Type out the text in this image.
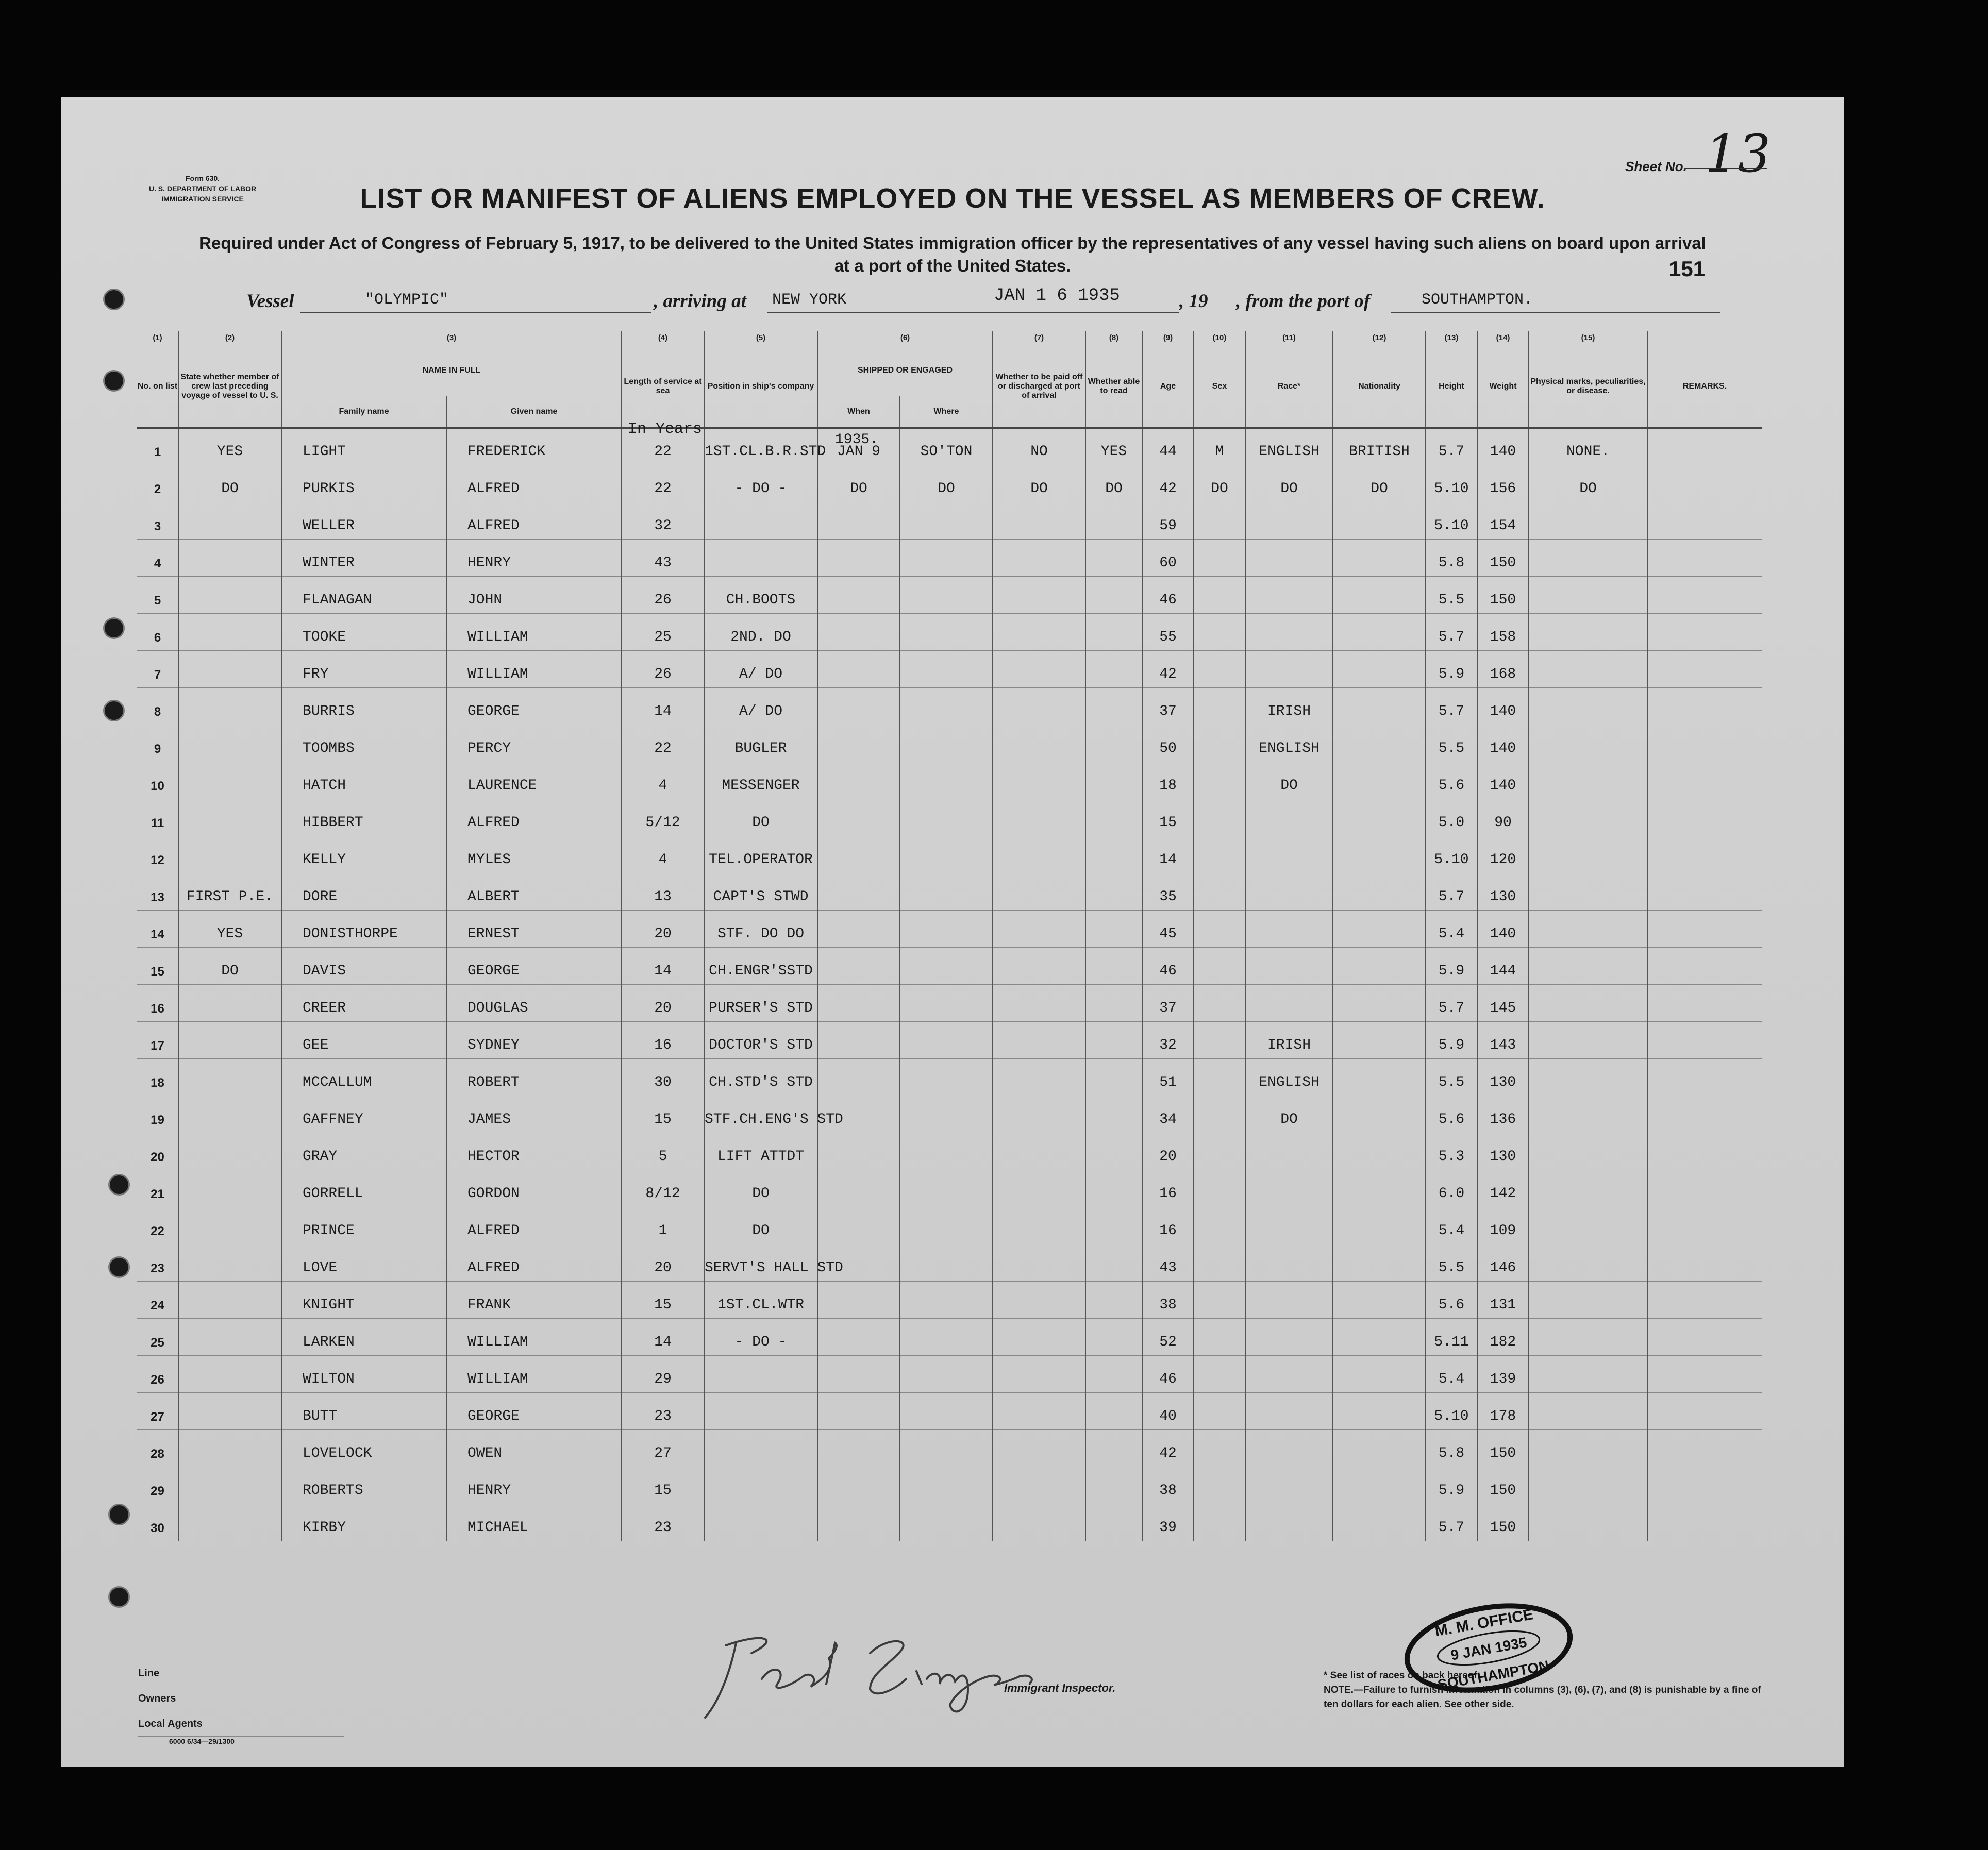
Form 630.
U. S. DEPARTMENT OF LABOR
IMMIGRATION SERVICE
Sheet No. 13
LIST OR MANIFEST OF ALIENS EMPLOYED ON THE VESSEL AS MEMBERS OF CREW.
Required under Act of Congress of February 5, 1917, to be delivered to the United States immigration officer by the representatives of any vessel having such aliens on board upon arrival at a port of the United States.	151
Vessel	"OLYMPIC"	, arriving at NEW YORK	JAN 1 6 1935	, 19 , from the port of	SOUTHAMPTON.
(1)	(2)	(3)		(4)	(5)	(6)		(7)	(8)	(9)	(10)	(11)	(12)	(13)	(14)	(15)	
No. on list	State whether member of crew last preceding voyage of vessel to U. S.	NAME IN FULL		Length of service at sea	Position in ship's company	SHIPPED OR ENGAGED		Whether to be paid off or discharged at port of arrival	Whether able to read	Age	Sex	Race*	Nationality	Height	Weight	Physical marks, peculiarities, or disease.	REMARKS.
		Family name	Given name			When	Where										
1	YES	LIGHT	FREDERICK	22	1ST.CL.B.R.STD	JAN 9	SO'TON	NO	YES	44	M	ENGLISH	BRITISH	5.7	140	NONE.	
2	DO	PURKIS	ALFRED	22	- DO -	DO	DO	DO	DO	42	DO	DO	DO	5.10	156	DO	
3		WELLER	ALFRED	32						59				5.10	154		
4		WINTER	HENRY	43						60				5.8	150		
5		FLANAGAN	JOHN	26	CH.BOOTS					46				5.5	150		
6		TOOKE	WILLIAM	25	2ND. DO					55				5.7	158		
7		FRY	WILLIAM	26	A/ DO					42				5.9	168		
8		BURRIS	GEORGE	14	A/ DO					37		IRISH		5.7	140		
9		TOOMBS	PERCY	22	BUGLER					50		ENGLISH		5.5	140		
10		HATCH	LAURENCE	4	MESSENGER					18		DO		5.6	140		
11		HIBBERT	ALFRED	5/12	DO					15				5.0	90		
12		KELLY	MYLES	4	TEL.OPERATOR					14				5.10	120		
13	FIRST P.E.	DORE	ALBERT	13	CAPT'S STWD					35				5.7	130		
14	YES	DONISTHORPE	ERNEST	20	STF. DO DO					45				5.4	140		
15	DO	DAVIS	GEORGE	14	CH.ENGR'SSTD					46				5.9	144		
16		CREER	DOUGLAS	20	PURSER'S STD					37				5.7	145		
17		GEE	SYDNEY	16	DOCTOR'S STD					32		IRISH		5.9	143		
18		MCCALLUM	ROBERT	30	CH.STD'S STD					51		ENGLISH		5.5	130		
19		GAFFNEY	JAMES	15	STF.CH.ENG'S STD					34		DO		5.6	136		
20		GRAY	HECTOR	5	LIFT ATTDT					20				5.3	130		
21		GORRELL	GORDON	8/12	DO					16				6.0	142		
22		PRINCE	ALFRED	1	DO					16				5.4	109		
23		LOVE	ALFRED	20	SERVT'S HALL STD					43				5.5	146		
24		KNIGHT	FRANK	15	1ST.CL.WTR					38				5.6	131		
25		LARKEN	WILLIAM	14	- DO -					52				5.11	182		
26		WILTON	WILLIAM	29						46				5.4	139		
27		BUTT	GEORGE	23						40				5.10	178		
28		LOVELOCK	OWEN	27						42				5.8	150		
29		ROBERTS	HENRY	15						38				5.9	150		
30		KIRBY	MICHAEL	23						39				5.7	150		
In Years
1935.
Line
Owners
Local Agents
6000 6/34—29/1300
Immigrant Inspector.
* See list of races on back hereof.
NOTE.—Failure to furnish information in columns (3), (6), (7), and (8) is punishable by a fine of ten dollars for each alien. See other side.
M. M. OFFICE
9 JAN 1935
SOUTHAMPTON
